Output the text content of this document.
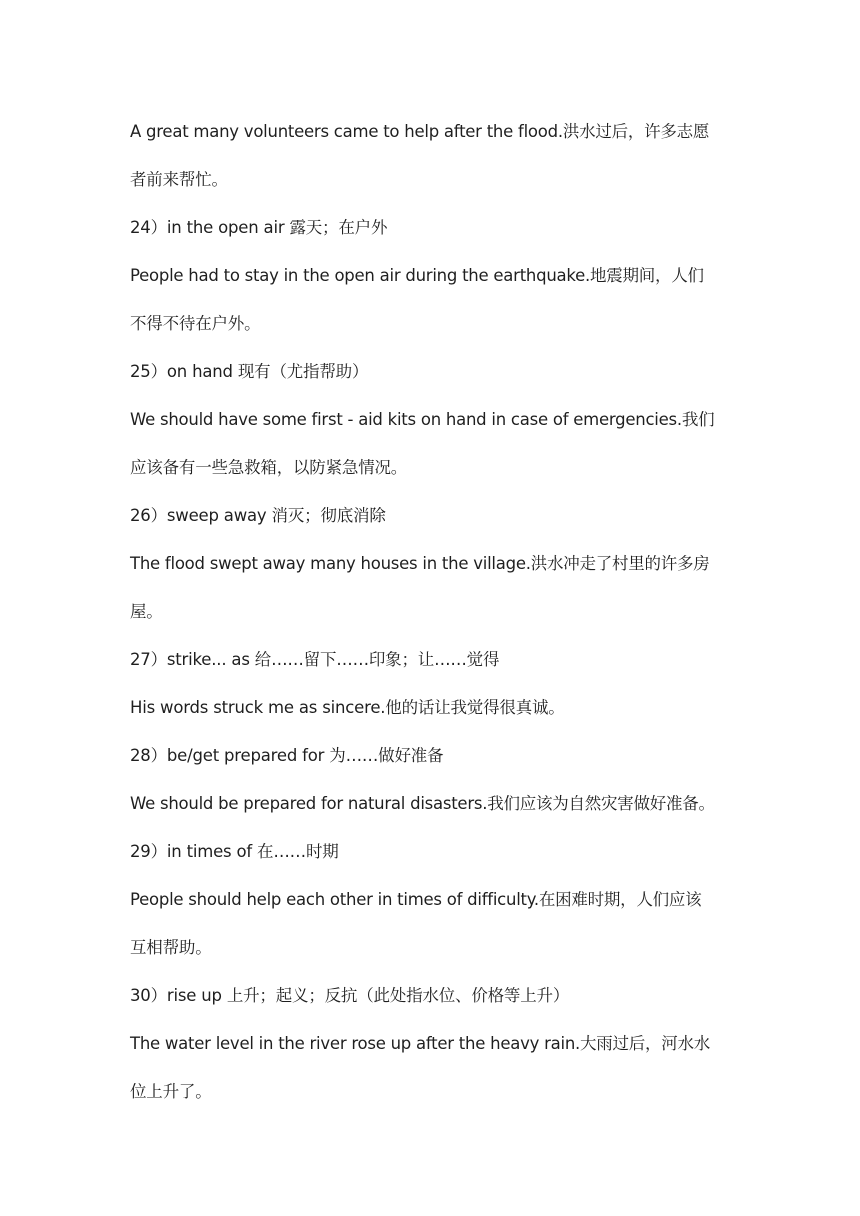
A great many volunteers came to help after the flood.洪水过后，许多志愿
者前来帮忙。
24）in the open air 露天；在户外
People had to stay in the open air during the earthquake.地震期间，人们
不得不待在户外。
25）on hand 现有（尤指帮助）
We should have some first - aid kits on hand in case of emergencies.我们
应该备有一些急救箱，以防紧急情况。
26）sweep away 消灭；彻底消除
The flood swept away many houses in the village.洪水冲走了村里的许多房
屋。
27）strike... as 给……留下……印象；让……觉得
His words struck me as sincere.他的话让我觉得很真诚。
28）be/get prepared for 为……做好准备
We should be prepared for natural disasters.我们应该为自然灾害做好准备。
29）in times of 在……时期
People should help each other in times of difficulty.在困难时期，人们应该
互相帮助。
30）rise up 上升；起义；反抗（此处指水位、价格等上升）
The water level in the river rose up after the heavy rain.大雨过后，河水水
位上升了。
